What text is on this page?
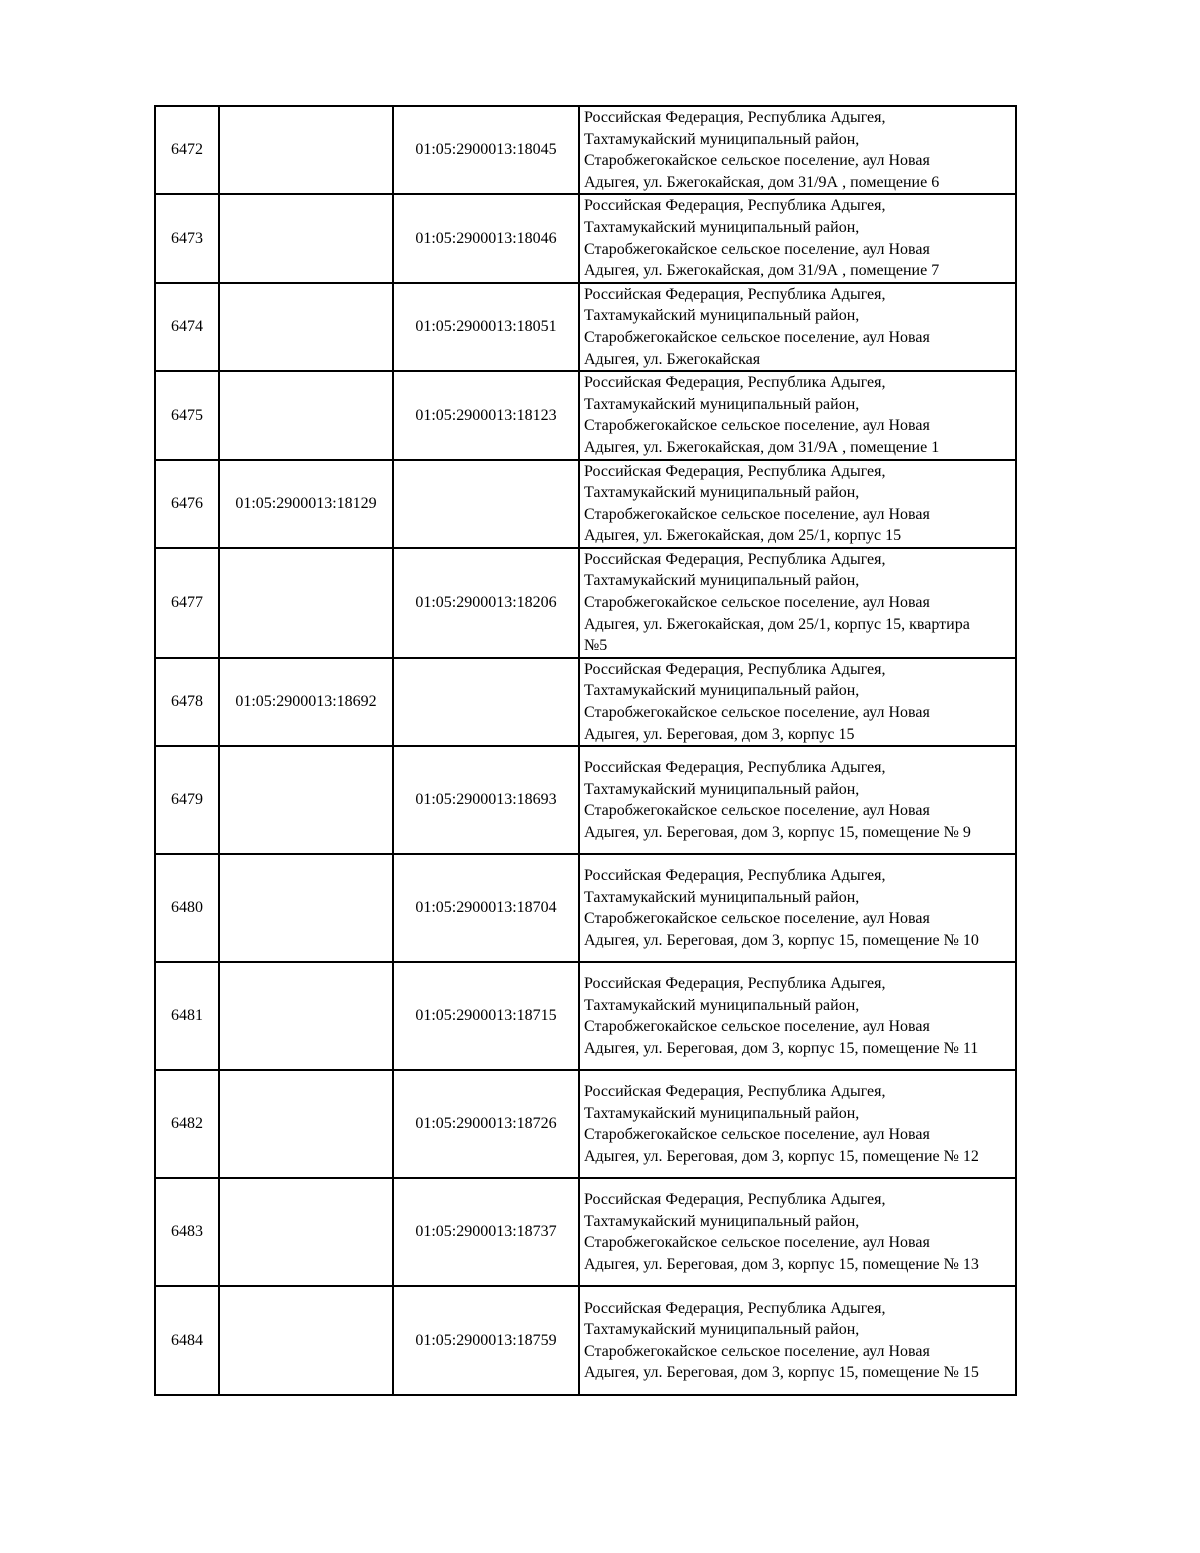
6472		01:05:2900013:18045	Российская Федерация, Республика Адыгея,
Тахтамукайский муниципальный район,
Старобжегокайское сельское поселение, аул Новая
Адыгея, ул. Бжегокайская, дом 31/9А , помещение 6

6473		01:05:2900013:18046	Российская Федерация, Республика Адыгея,
Тахтамукайский муниципальный район,
Старобжегокайское сельское поселение, аул Новая
Адыгея, ул. Бжегокайская, дом 31/9А , помещение 7

6474		01:05:2900013:18051	Российская Федерация, Республика Адыгея,
Тахтамукайский муниципальный район,
Старобжегокайское сельское поселение, аул Новая
Адыгея, ул. Бжегокайская

6475		01:05:2900013:18123	Российская Федерация, Республика Адыгея,
Тахтамукайский муниципальный район,
Старобжегокайское сельское поселение, аул Новая
Адыгея, ул. Бжегокайская, дом 31/9А , помещение 1

6476	01:05:2900013:18129		Российская Федерация, Республика Адыгея,
Тахтамукайский муниципальный район,
Старобжегокайское сельское поселение, аул Новая
Адыгея, ул. Бжегокайская, дом 25/1, корпус 15

6477		01:05:2900013:18206	Российская Федерация, Республика Адыгея,
Тахтамукайский муниципальный район,
Старобжегокайское сельское поселение, аул Новая
Адыгея, ул. Бжегокайская, дом 25/1, корпус 15, квартира
№5

6478	01:05:2900013:18692		Российская Федерация, Республика Адыгея,
Тахтамукайский муниципальный район,
Старобжегокайское сельское поселение, аул Новая
Адыгея, ул. Береговая, дом 3, корпус 15

6479		01:05:2900013:18693	Российская Федерация, Республика Адыгея,
Тахтамукайский муниципальный район,
Старобжегокайское сельское поселение, аул Новая
Адыгея, ул. Береговая, дом 3, корпус 15, помещение № 9

6480		01:05:2900013:18704	Российская Федерация, Республика Адыгея,
Тахтамукайский муниципальный район,
Старобжегокайское сельское поселение, аул Новая
Адыгея, ул. Береговая, дом 3, корпус 15, помещение № 10

6481		01:05:2900013:18715	Российская Федерация, Республика Адыгея,
Тахтамукайский муниципальный район,
Старобжегокайское сельское поселение, аул Новая
Адыгея, ул. Береговая, дом 3, корпус 15, помещение № 11

6482		01:05:2900013:18726	Российская Федерация, Республика Адыгея,
Тахтамукайский муниципальный район,
Старобжегокайское сельское поселение, аул Новая
Адыгея, ул. Береговая, дом 3, корпус 15, помещение № 12

6483		01:05:2900013:18737	Российская Федерация, Республика Адыгея,
Тахтамукайский муниципальный район,
Старобжегокайское сельское поселение, аул Новая
Адыгея, ул. Береговая, дом 3, корпус 15, помещение № 13

6484		01:05:2900013:18759	Российская Федерация, Республика Адыгея,
Тахтамукайский муниципальный район,
Старобжегокайское сельское поселение, аул Новая
Адыгея, ул. Береговая, дом 3, корпус 15, помещение № 15
